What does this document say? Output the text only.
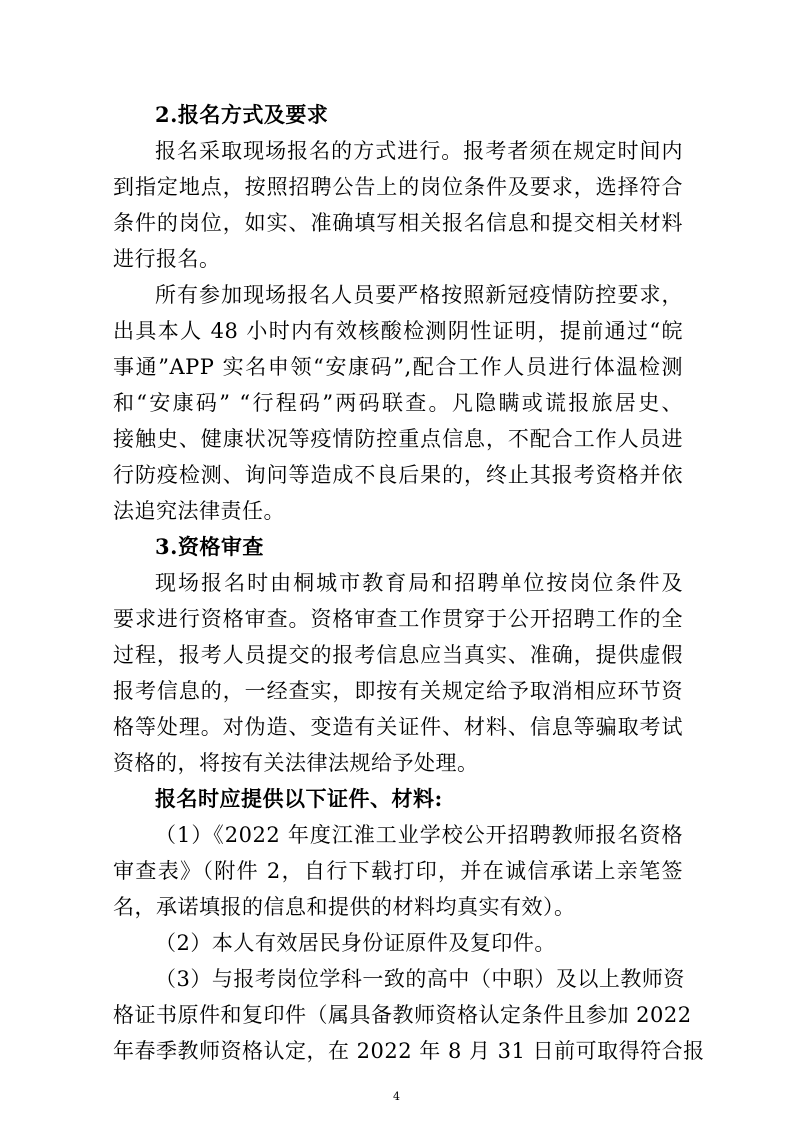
2.报名方式及要求
报名采取现场报名的方式进行。报考者须在规定时间内
到指定地点，按照招聘公告上的岗位条件及要求，选择符合
条件的岗位，如实、准确填写相关报名信息和提交相关材料
进行报名。
所有参加现场报名人员要严格按照新冠疫情防控要求，
出具本人 48 小时内有效核酸检测阴性证明，提前通过“皖
事通”APP 实名申领“安康码”,配合工作人员进行体温检测
和“安康码” “行程码”两码联查。凡隐瞒或谎报旅居史、
接触史、健康状况等疫情防控重点信息，不配合工作人员进
行防疫检测、询问等造成不良后果的，终止其报考资格并依
法追究法律责任。
3.资格审查
现场报名时由桐城市教育局和招聘单位按岗位条件及
要求进行资格审查。资格审查工作贯穿于公开招聘工作的全
过程，报考人员提交的报考信息应当真实、准确，提供虚假
报考信息的，一经查实，即按有关规定给予取消相应环节资
格等处理。对伪造、变造有关证件、材料、信息等骗取考试
资格的，将按有关法律法规给予处理。
报名时应提供以下证件、材料:
（1）《2022 年度江淮工业学校公开招聘教师报名资格
审查表》（附件 2，自行下载打印，并在诚信承诺上亲笔签
名，承诺填报的信息和提供的材料均真实有效）。
（2）本人有效居民身份证原件及复印件。
（3）与报考岗位学科一致的高中（中职）及以上教师资
格证书原件和复印件（属具备教师资格认定条件且参加 2022
年春季教师资格认定，在 2022 年 8 月 31 日前可取得符合报
4
